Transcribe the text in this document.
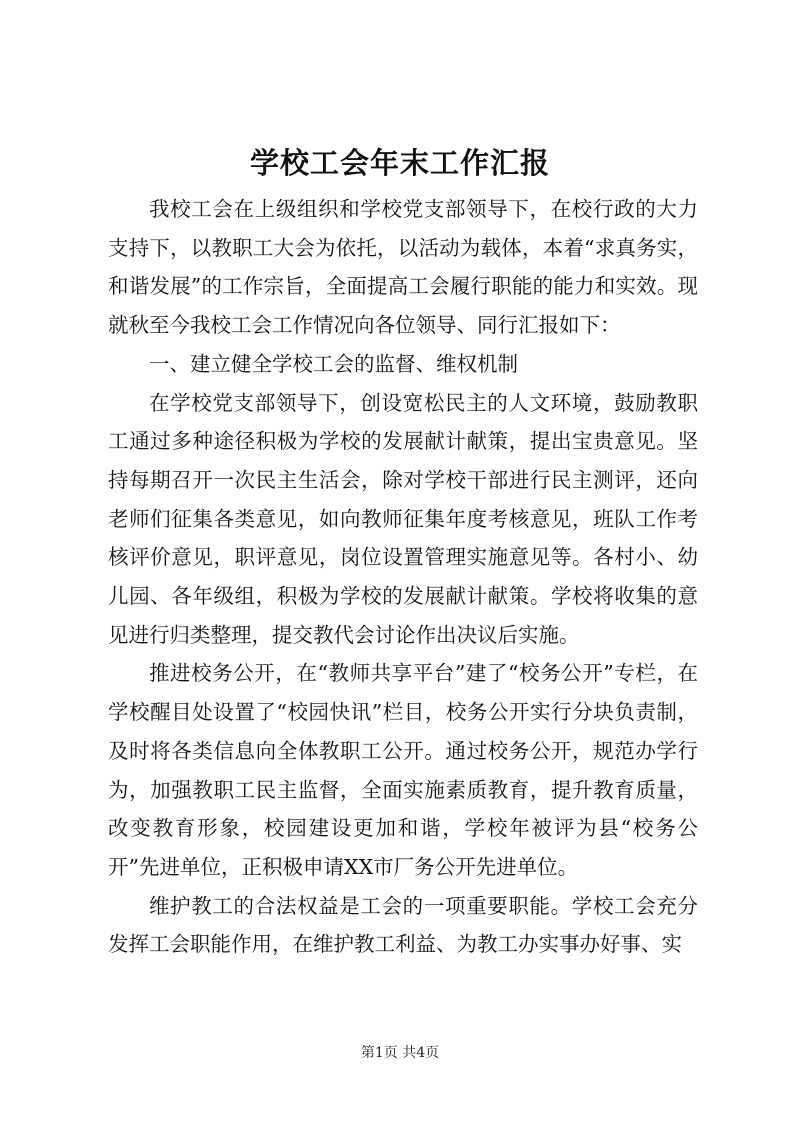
学校工会年末工作汇报

我校工会在上级组织和学校党支部领导下，在校行政的大力支持下，以教职工大会为依托，以活动为载体，本着“求真务实，和谐发展”的工作宗旨，全面提高工会履行职能的能力和实效。现就秋至今我校工会工作情况向各位领导、同行汇报如下：

一、建立健全学校工会的监督、维权机制

在学校党支部领导下，创设宽松民主的人文环境，鼓励教职工通过多种途径积极为学校的发展献计献策，提出宝贵意见。坚持每期召开一次民主生活会，除对学校干部进行民主测评，还向老师们征集各类意见，如向教师征集年度考核意见，班队工作考核评价意见，职评意见，岗位设置管理实施意见等。各村小、幼儿园、各年级组，积极为学校的发展献计献策。学校将收集的意见进行归类整理，提交教代会讨论作出决议后实施。

推进校务公开，在“教师共享平台”建了“校务公开”专栏，在学校醒目处设置了“校园快讯”栏目，校务公开实行分块负责制，及时将各类信息向全体教职工公开。通过校务公开，规范办学行为，加强教职工民主监督，全面实施素质教育，提升教育质量，改变教育形象，校园建设更加和谐，学校年被评为县“校务公开”先进单位，正积极申请XX市厂务公开先进单位。

维护教工的合法权益是工会的一项重要职能。学校工会充分发挥工会职能作用，在维护教工利益、为教工办实事办好事、实

第1页 共4页
